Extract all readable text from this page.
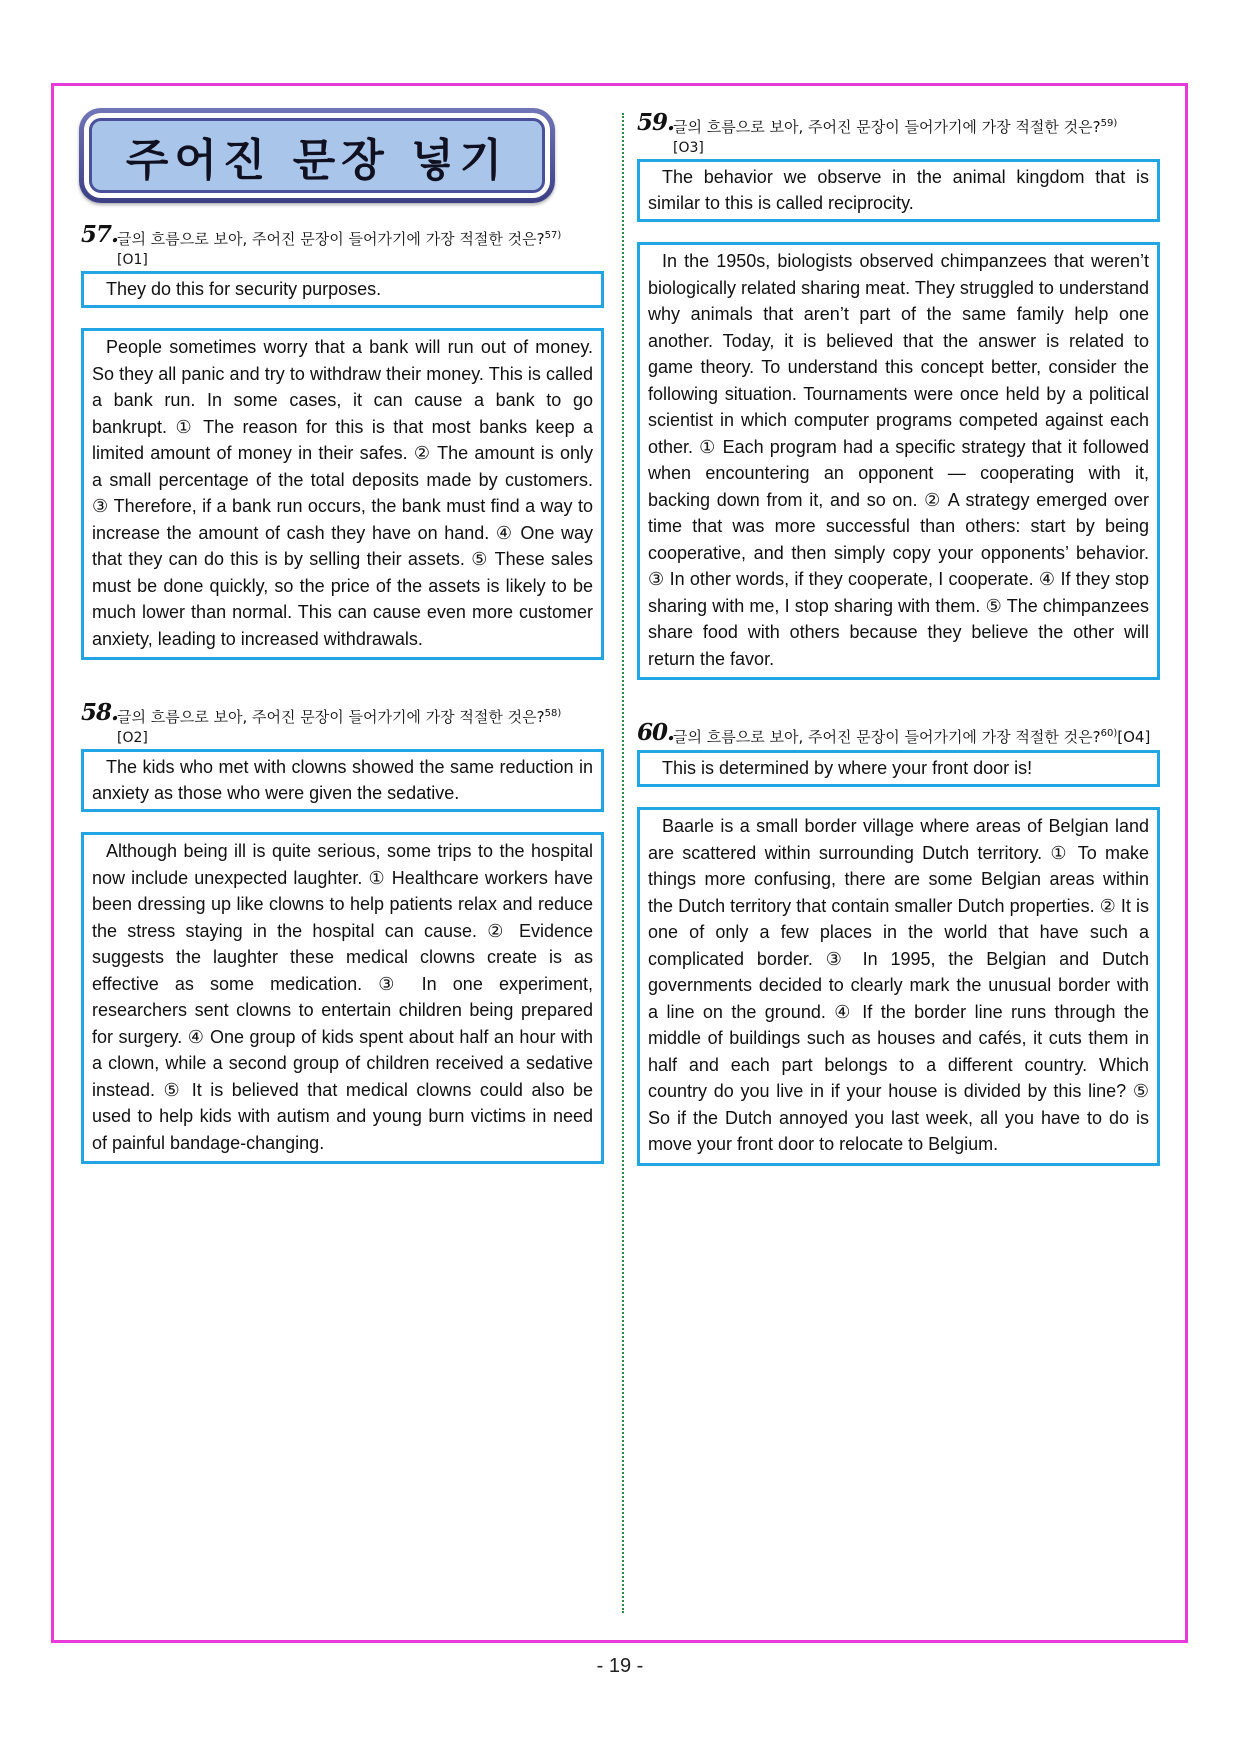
주어진 문장 넣기
57.
글의 흐름으로 보아, 주어진 문장이 들어가기에 가장 적절한 것은?$^{57)}$
[O1]
They do this for security purposes.
People sometimes worry that a bank will run out of money. So they all panic and try to withdraw their money. This is called a bank run. In some cases, it can cause a bank to go bankrupt. ① The reason for this is that most banks keep a limited amount of money in their safes. ② The amount is only a small percentage of the total deposits made by customers. ③ Therefore, if a bank run occurs, the bank must find a way to increase the amount of cash they have on hand. ④ One way that they can do this is by selling their assets. ⑤ These sales must be done quickly, so the price of the assets is likely to be much lower than normal. This can cause even more customer anxiety, leading to increased withdrawals.
58.
글의 흐름으로 보아, 주어진 문장이 들어가기에 가장 적절한 것은?$^{58)}$
[O2]
The kids who met with clowns showed the same reduction in anxiety as those who were given the sedative.
Although being ill is quite serious, some trips to the hospital now include unexpected laughter. ① Healthcare workers have been dressing up like clowns to help patients relax and reduce the stress staying in the hospital can cause. ② Evidence suggests the laughter these medical clowns create is as effective as some medication. ③ In one experiment, researchers sent clowns to entertain children being prepared for surgery. ④ One group of kids spent about half an hour with a clown, while a second group of children received a sedative instead. ⑤ It is believed that medical clowns could also be used to help kids with autism and young burn victims in need of painful bandage-changing.
59.
글의 흐름으로 보아, 주어진 문장이 들어가기에 가장 적절한 것은?$^{59)}$
[O3]
The behavior we observe in the animal kingdom that is similar to this is called reciprocity.
In the 1950s, biologists observed chimpanzees that weren’t biologically related sharing meat. They struggled to understand why animals that aren’t part of the same family help one another. Today, it is believed that the answer is related to game theory. To understand this concept better, consider the following situation. Tournaments were once held by a political scientist in which computer programs competed against each other. ① Each program had a specific strategy that it followed when encountering an opponent — cooperating with it, backing down from it, and so on. ② A strategy emerged over time that was more successful than others: start by being cooperative, and then simply copy your opponents’ behavior. ③ In other words, if they cooperate, I cooperate. ④ If they stop sharing with me, I stop sharing with them. ⑤ The chimpanzees share food with others because they believe the other will return the favor.
60.
글의 흐름으로 보아, 주어진 문장이 들어가기에 가장 적절한 것은?$^{60)}$[O4]
This is determined by where your front door is!
Baarle is a small border village where areas of Belgian land are scattered within surrounding Dutch territory. ① To make things more confusing, there are some Belgian areas within the Dutch territory that contain smaller Dutch properties. ② It is one of only a few places in the world that have such a complicated border. ③ In 1995, the Belgian and Dutch governments decided to clearly mark the unusual border with a line on the ground. ④ If the border line runs through the middle of buildings such as houses and cafés, it cuts them in half and each part belongs to a different country. Which country do you live in if your house is divided by this line? ⑤ So if the Dutch annoyed you last week, all you have to do is move your front door to relocate to Belgium.
- 19 -
